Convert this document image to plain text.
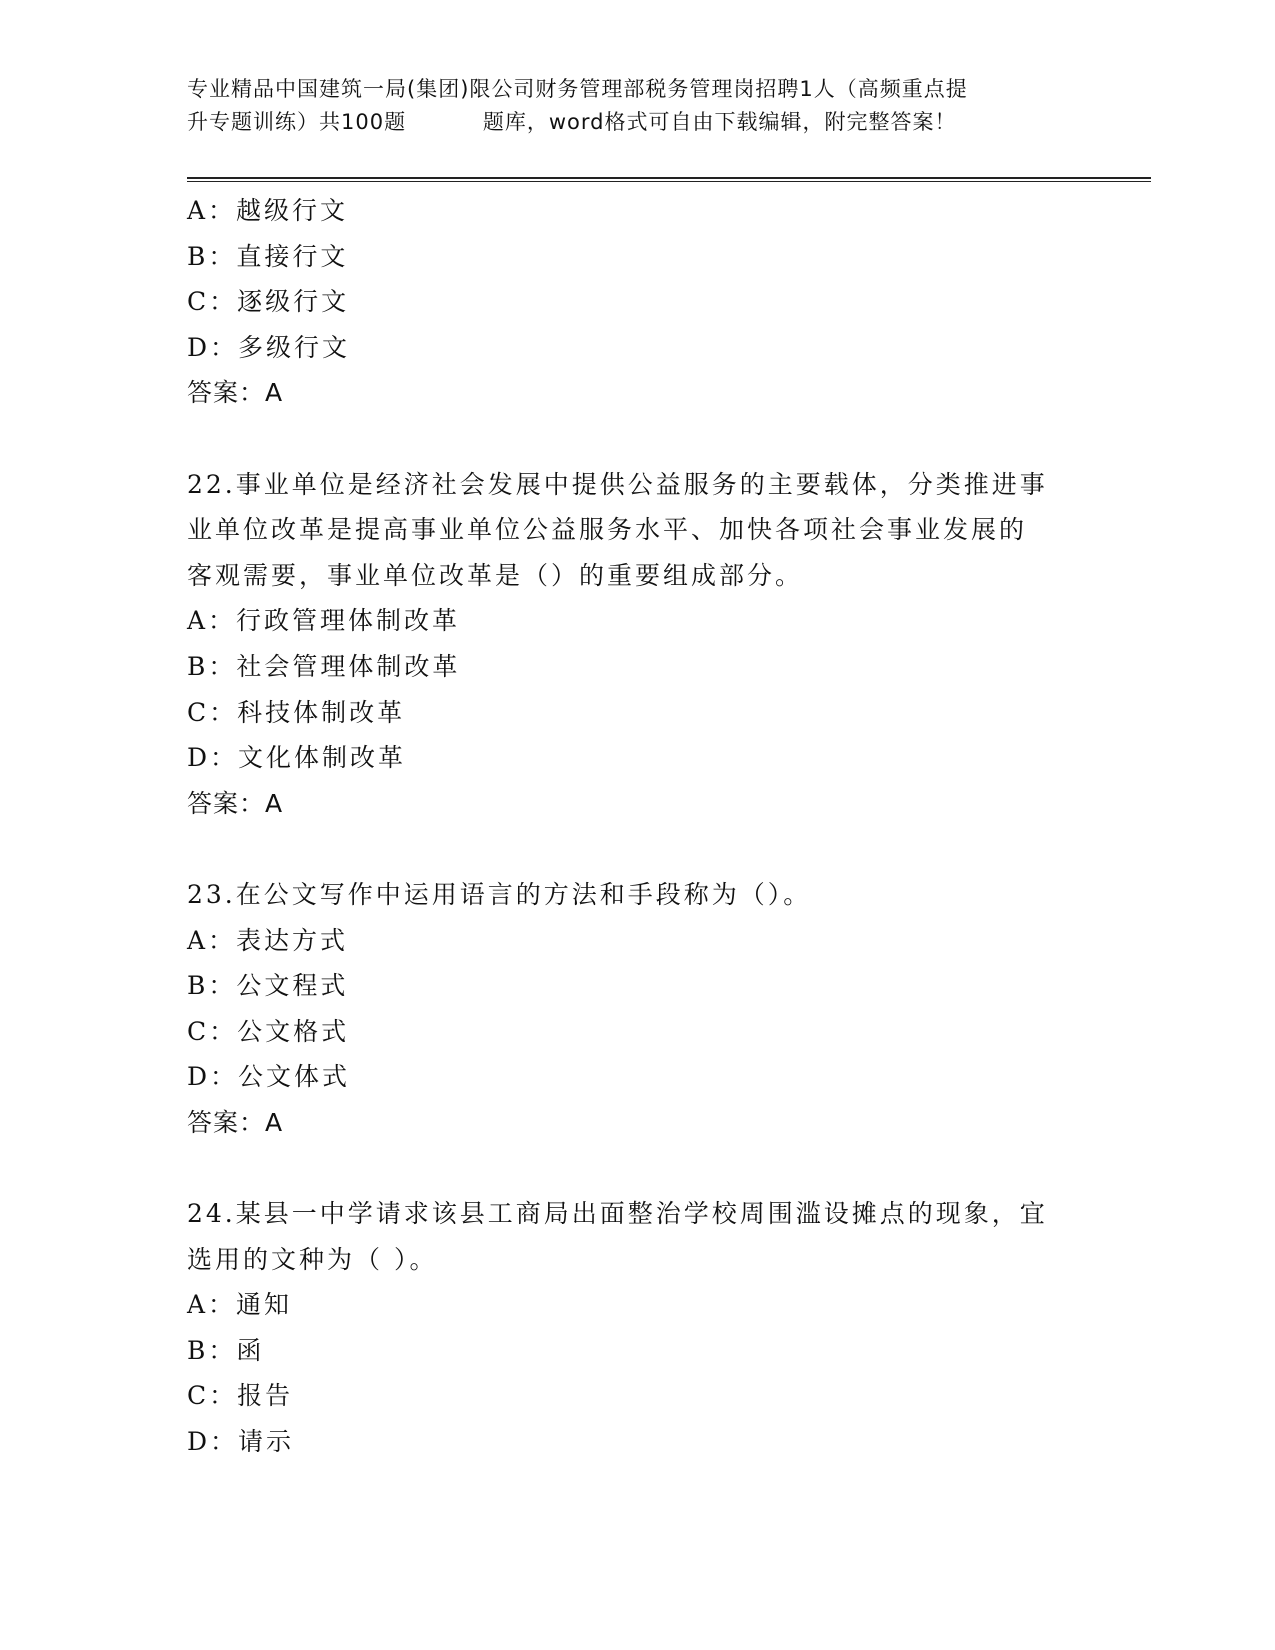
专业精品中国建筑一局(集团)限公司财务管理部税务管理岗招聘1人（高频重点提

升专题训练）共100题          题库，word格式可自由下载编辑，附完整答案！

A：越级行文

B：直接行文

C：逐级行文

D：多级行文

答案：A

22.事业单位是经济社会发展中提供公益服务的主要载体，分类推进事

业单位改革是提高事业单位公益服务水平、加快各项社会事业发展的

客观需要，事业单位改革是（）的重要组成部分。

A：行政管理体制改革

B：社会管理体制改革

C：科技体制改革

D：文化体制改革

答案：A

23.在公文写作中运用语言的方法和手段称为（）。

A：表达方式

B：公文程式

C：公文格式

D：公文体式

答案：A

24.某县一中学请求该县工商局出面整治学校周围滥设摊点的现象，宜

选用的文种为（ ）。

A：通知

B：函

C：报告

D：请示
